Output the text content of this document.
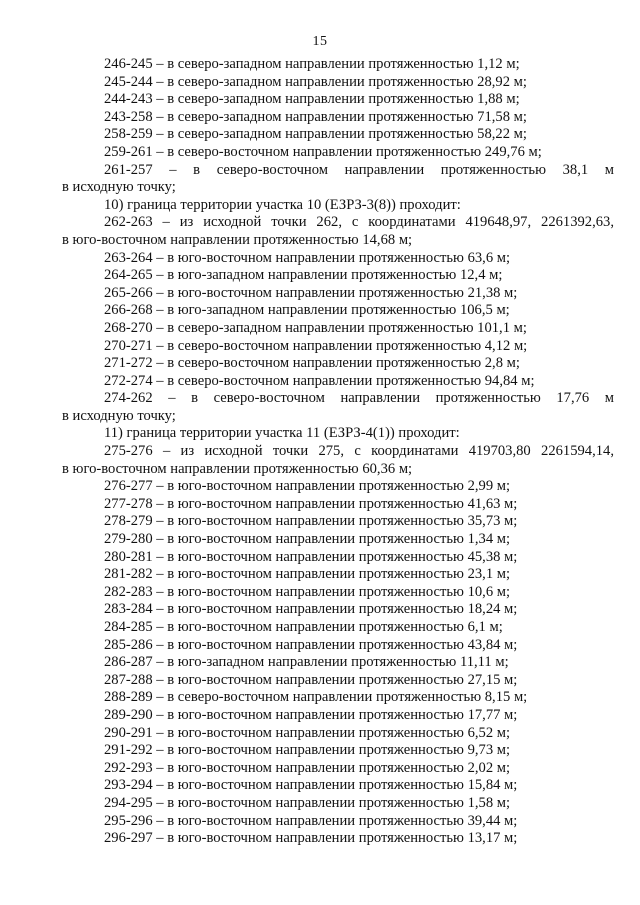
15
246-245 – в северо-западном направлении протяженностью 1,12 м;
245-244 – в северо-западном направлении протяженностью 28,92 м;
244-243 – в северо-западном направлении протяженностью 1,88 м;
243-258 – в северо-западном направлении протяженностью 71,58 м;
258-259 – в северо-западном направлении протяженностью 58,22 м;
259-261 – в северо-восточном направлении протяженностью 249,76 м;
261-257 – в северо-восточном направлении протяженностью 38,1 м
в исходную точку;
10) граница территории участка 10 (ЕЗРЗ-3(8)) проходит:
262-263 – из исходной точки 262, с координатами 419648,97, 2261392,63,
в юго-восточном направлении протяженностью 14,68 м;
263-264 – в юго-восточном направлении протяженностью 63,6 м;
264-265 – в юго-западном направлении протяженностью 12,4 м;
265-266 – в юго-восточном направлении протяженностью 21,38 м;
266-268 – в юго-западном направлении протяженностью 106,5 м;
268-270 – в северо-западном направлении протяженностью 101,1 м;
270-271 – в северо-восточном направлении протяженностью 4,12 м;
271-272 – в северо-восточном направлении протяженностью 2,8 м;
272-274 – в северо-восточном направлении протяженностью 94,84 м;
274-262 – в северо-восточном направлении протяженностью 17,76 м
в исходную точку;
11) граница территории участка 11 (ЕЗРЗ-4(1)) проходит:
275-276 – из исходной точки 275, с координатами 419703,80 2261594,14,
в юго-восточном направлении протяженностью 60,36 м;
276-277 – в юго-восточном направлении протяженностью 2,99 м;
277-278 – в юго-восточном направлении протяженностью 41,63 м;
278-279 – в юго-восточном направлении протяженностью 35,73 м;
279-280 – в юго-восточном направлении протяженностью 1,34 м;
280-281 – в юго-восточном направлении протяженностью 45,38 м;
281-282 – в юго-восточном направлении протяженностью 23,1 м;
282-283 – в юго-восточном направлении протяженностью 10,6 м;
283-284 – в юго-восточном направлении протяженностью 18,24 м;
284-285 – в юго-восточном направлении протяженностью 6,1 м;
285-286 – в юго-восточном направлении протяженностью 43,84 м;
286-287 – в юго-западном направлении протяженностью 11,11 м;
287-288 – в юго-восточном направлении протяженностью 27,15 м;
288-289 – в северо-восточном направлении протяженностью 8,15 м;
289-290 – в юго-восточном направлении протяженностью 17,77 м;
290-291 – в юго-восточном направлении протяженностью 6,52 м;
291-292 – в юго-восточном направлении протяженностью 9,73 м;
292-293 – в юго-восточном направлении протяженностью 2,02 м;
293-294 – в юго-восточном направлении протяженностью 15,84 м;
294-295 – в юго-восточном направлении протяженностью 1,58 м;
295-296 – в юго-восточном направлении протяженностью 39,44 м;
296-297 – в юго-восточном направлении протяженностью 13,17 м;
